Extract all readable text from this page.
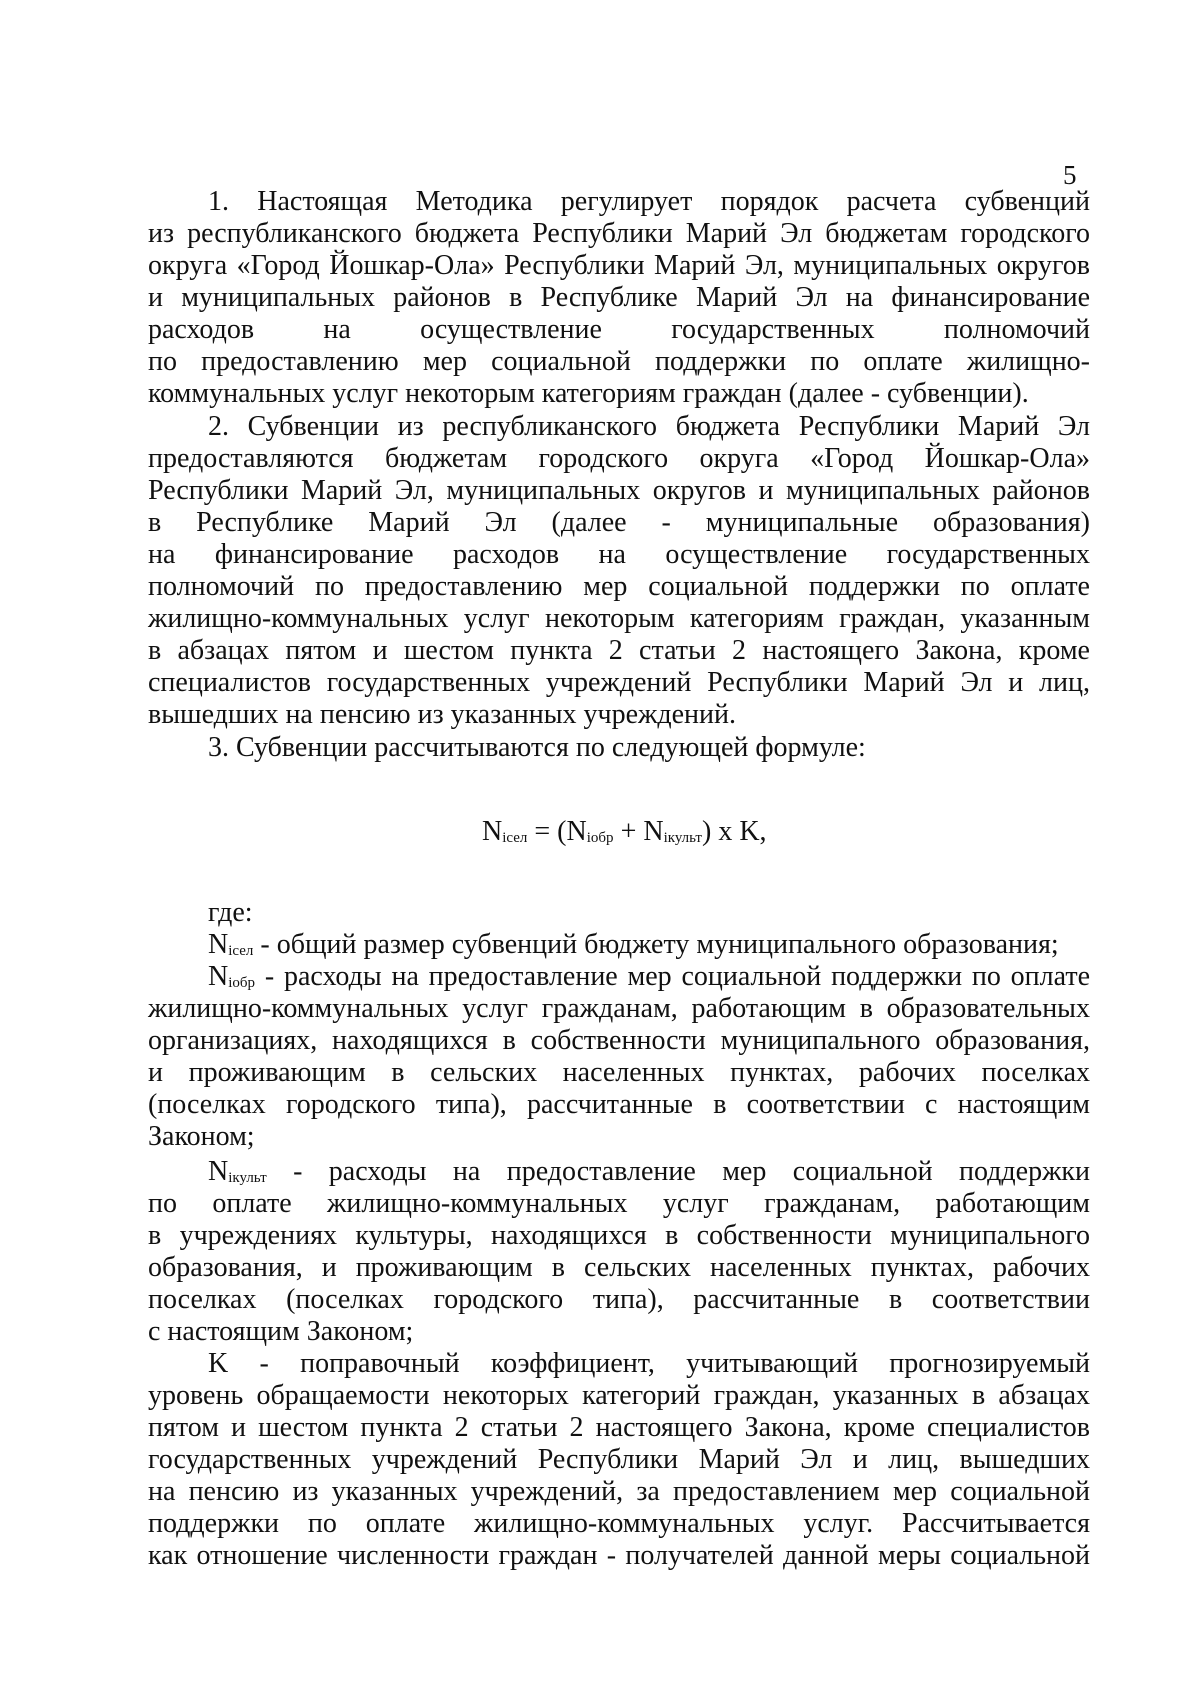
5
1. Настоящая Методика регулирует порядок расчета субвенций
из республиканского бюджета Республики Марий Эл бюджетам городского
округа «Город Йошкар-Ола» Республики Марий Эл, муниципальных округов
и муниципальных районов в Республике Марий Эл на финансирование
расходов на осуществление государственных полномочий
по предоставлению мер социальной поддержки по оплате жилищно-
коммунальных услуг некоторым категориям граждан (далее - субвенции).
2. Субвенции из республиканского бюджета Республики Марий Эл
предоставляются бюджетам городского округа «Город Йошкар-Ола»
Республики Марий Эл, муниципальных округов и муниципальных районов
в Республике Марий Эл (далее - муниципальные образования)
на финансирование расходов на осуществление государственных
полномочий по предоставлению мер социальной поддержки по оплате
жилищно-коммунальных услуг некоторым категориям граждан, указанным
в абзацах пятом и шестом пункта 2 статьи 2 настоящего Закона, кроме
специалистов государственных учреждений Республики Марий Эл и лиц,
вышедших на пенсию из указанных учреждений.
3. Субвенции рассчитываются по следующей формуле:
Niсел = (Niобр + Niкульт) x K,
где:
Niсел - общий размер субвенций бюджету муниципального образования;
Niобр - расходы на предоставление мер социальной поддержки по оплате
жилищно-коммунальных услуг гражданам, работающим в образовательных
организациях, находящихся в собственности муниципального образования,
и проживающим в сельских населенных пунктах, рабочих поселках
(поселках городского типа), рассчитанные в соответствии с настоящим
Законом;
Niкульт - расходы на предоставление мер социальной поддержки
по оплате жилищно-коммунальных услуг гражданам, работающим
в учреждениях культуры, находящихся в собственности муниципального
образования, и проживающим в сельских населенных пунктах, рабочих
поселках (поселках городского типа), рассчитанные в соответствии
с настоящим Законом;
K - поправочный коэффициент, учитывающий прогнозируемый
уровень обращаемости некоторых категорий граждан, указанных в абзацах
пятом и шестом пункта 2 статьи 2 настоящего Закона, кроме специалистов
государственных учреждений Республики Марий Эл и лиц, вышедших
на пенсию из указанных учреждений, за предоставлением мер социальной
поддержки по оплате жилищно-коммунальных услуг. Рассчитывается
как отношение численности граждан - получателей данной меры социальной
